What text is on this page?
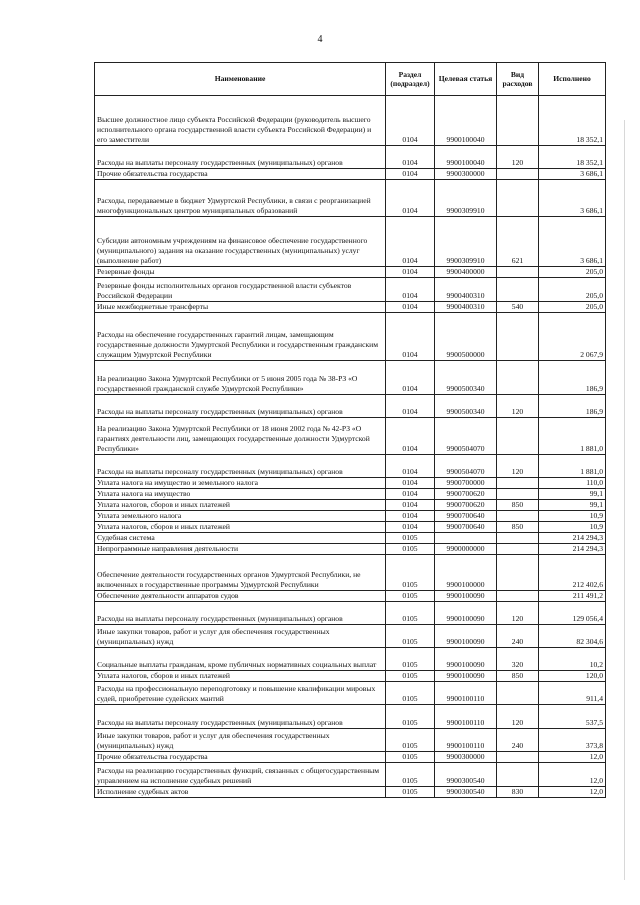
4
Наименование	Раздел (подраздел)	Целевая статья	Вид расходов	Исполнено
Высшее должностное лицо субъекта Российской Федерации (руководитель высшего исполнительного органа государственной власти субъекта Российской Федерации) и его заместители	0104	9900100040		18 352,1
Расходы на выплаты персоналу государственных (муниципальных) органов	0104	9900100040	120	18 352,1
Прочие обязательства государства	0104	9900300000		3 686,1
Расходы, передаваемые в бюджет Удмуртской Республики, в связи с реорганизацией многофункциональных центров муниципальных образований	0104	9900309910		3 686,1
Субсидии автономным учреждениям на финансовое обеспечение государственного (муниципального) задания на оказание государственных (муниципальных) услуг (выполнение работ)	0104	9900309910	621	3 686,1
Резервные фонды	0104	9900400000		205,0
Резервные фонды исполнительных органов государственной власти субъектов Российской Федерации	0104	9900400310		205,0
Иные межбюджетные трансферты	0104	9900400310	540	205,0
Расходы на обеспечение государственных гарантий лицам, замещающим государственные должности Удмуртской Республики и государственным гражданским служащим Удмуртской Республики	0104	9900500000		2 067,9
На реализацию Закона Удмуртской Республики от 5 июня 2005 года № 38-РЗ «О государственной гражданской службе Удмуртской Республики»	0104	9900500340		186,9
Расходы на выплаты персоналу государственных (муниципальных) органов	0104	9900500340	120	186,9
На реализацию Закона Удмуртской Республики от 18 июня 2002 года № 42-РЗ «О гарантиях деятельности лиц, замещающих государственные должности Удмуртской Республики»	0104	9900504070		1 881,0
Расходы на выплаты персоналу государственных (муниципальных) органов	0104	9900504070	120	1 881,0
Уплата налога на имущество и земельного налога	0104	9900700000		110,0
Уплата налога на имущество	0104	9900700620		99,1
Уплата налогов, сборов и иных платежей	0104	9900700620	850	99,1
Уплата земельного налога	0104	9900700640		10,9
Уплата налогов, сборов и иных платежей	0104	9900700640	850	10,9
Судебная система	0105			214 294,3
Непрограммные направления деятельности	0105	9900000000		214 294,3
Обеспечение деятельности государственных органов Удмуртской Республики, не включенных в государственные программы Удмуртской Республики	0105	9900100000		212 402,6
Обеспечение деятельности аппаратов судов	0105	9900100090		211 491,2
Расходы на выплаты персоналу государственных (муниципальных) органов	0105	9900100090	120	129 056,4
Иные закупки товаров, работ и услуг для обеспечения государственных (муниципальных) нужд	0105	9900100090	240	82 304,6
Социальные выплаты гражданам, кроме публичных нормативных социальных выплат	0105	9900100090	320	10,2
Уплата налогов, сборов и иных платежей	0105	9900100090	850	120,0
Расходы на профессиональную переподготовку и повышение квалификации мировых судей, приобретение судейских мантий	0105	9900100110		911,4
Расходы на выплаты персоналу государственных (муниципальных) органов	0105	9900100110	120	537,5
Иные закупки товаров, работ и услуг для обеспечения государственных (муниципальных) нужд	0105	9900100110	240	373,8
Прочие обязательства государства	0105	9900300000		12,0
Расходы на реализацию государственных функций, связанных с общегосударственным управлением на исполнение судебных решений	0105	9900300540		12,0
Исполнение судебных актов	0105	9900300540	830	12,0
